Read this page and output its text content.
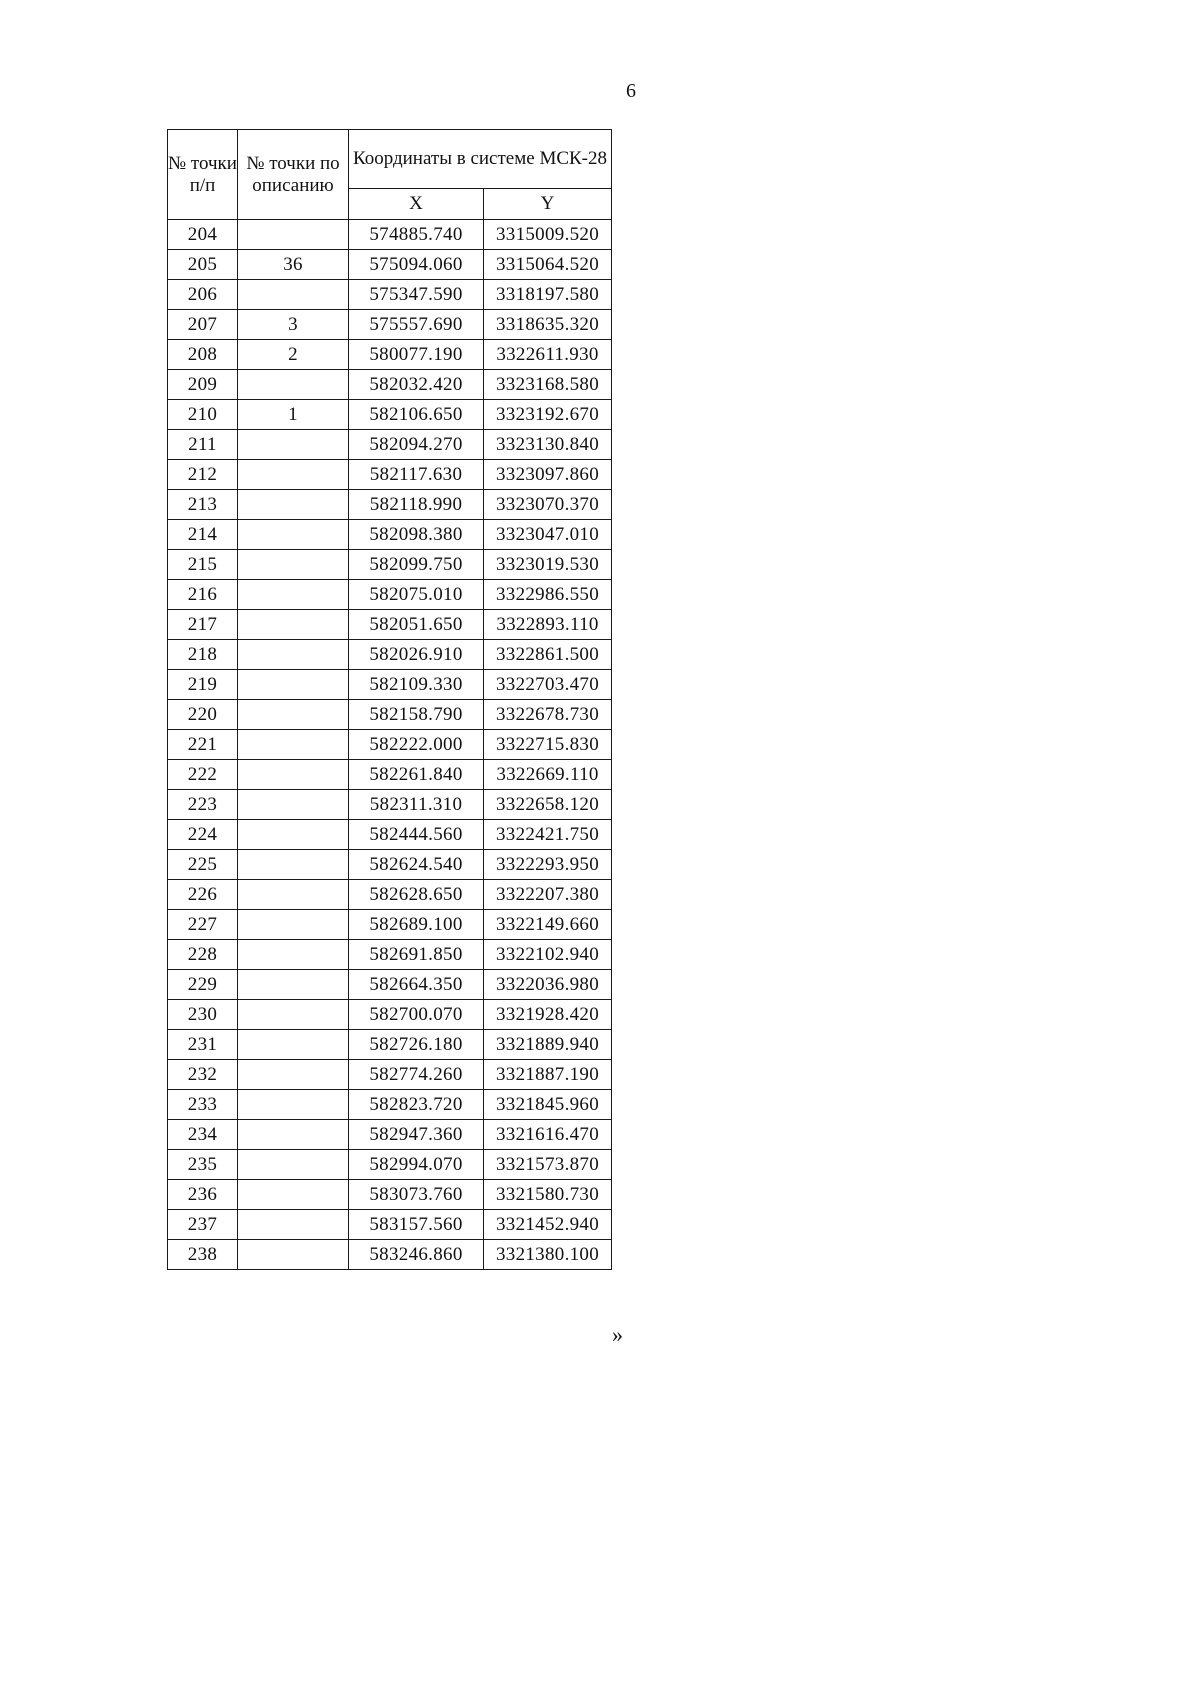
6
№ точки п/п	№ точки по описанию	Координаты в системе МСК-28	
		X	Y
204		574885.740	3315009.520
205	36	575094.060	3315064.520
206		575347.590	3318197.580
207	3	575557.690	3318635.320
208	2	580077.190	3322611.930
209		582032.420	3323168.580
210	1	582106.650	3323192.670
211		582094.270	3323130.840
212		582117.630	3323097.860
213		582118.990	3323070.370
214		582098.380	3323047.010
215		582099.750	3323019.530
216		582075.010	3322986.550
217		582051.650	3322893.110
218		582026.910	3322861.500
219		582109.330	3322703.470
220		582158.790	3322678.730
221		582222.000	3322715.830
222		582261.840	3322669.110
223		582311.310	3322658.120
224		582444.560	3322421.750
225		582624.540	3322293.950
226		582628.650	3322207.380
227		582689.100	3322149.660
228		582691.850	3322102.940
229		582664.350	3322036.980
230		582700.070	3321928.420
231		582726.180	3321889.940
232		582774.260	3321887.190
233		582823.720	3321845.960
234		582947.360	3321616.470
235		582994.070	3321573.870
236		583073.760	3321580.730
237		583157.560	3321452.940
238		583246.860	3321380.100
»
